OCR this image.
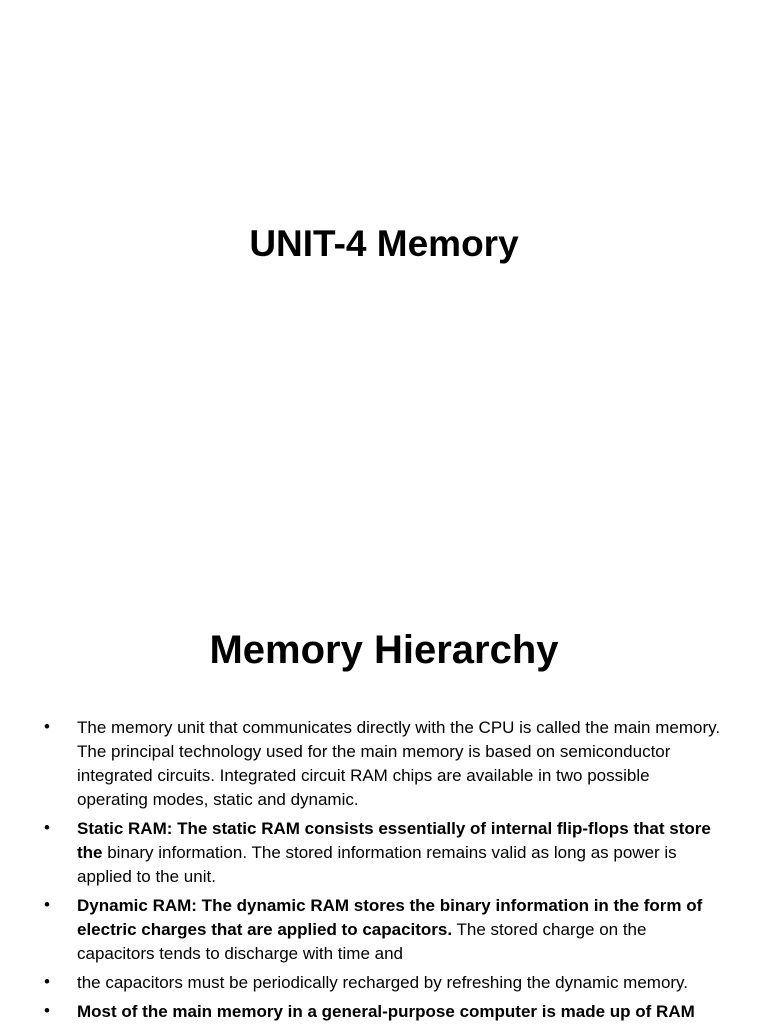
UNIT-4 Memory
Memory Hierarchy
• The memory unit that communicates directly with the CPU is called the main memory. The principal technology used for the main memory is based on semiconductor integrated circuits. Integrated circuit RAM chips are available in two possible operating modes, static and dynamic.
• Static RAM: The static RAM consists essentially of internal flip-flops that store the binary information. The stored information remains valid as long as power is applied to the unit.
• Dynamic RAM: The dynamic RAM stores the binary information in the form of electric charges that are applied to capacitors. The stored charge on the capacitors tends to discharge with time and
• the capacitors must be periodically recharged by refreshing the dynamic memory.
• Most of the main memory in a general-purpose computer is made up of RAM
